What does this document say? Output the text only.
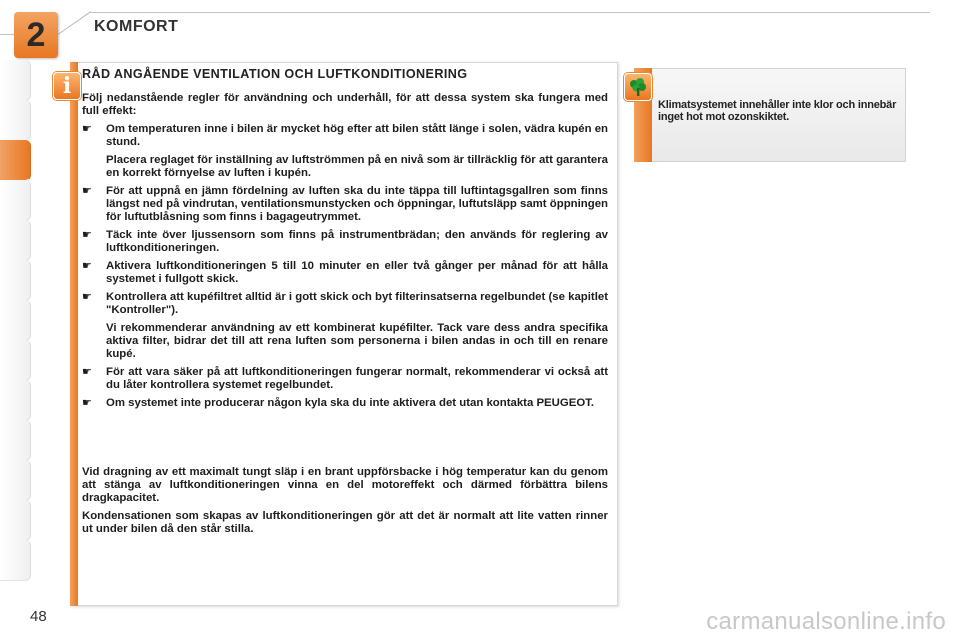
2	KOMFORT
i RÅD ANGÅENDE VENTILATION OCH LUFTKONDITIONERING

Följ nedanstående regler för användning och underhåll, för att dessa system ska fungera med full effekt:

☛	Om temperaturen inne i bilen är mycket hög efter att bilen stått länge i solen, vädra kupén en stund.
Placera reglaget för inställning av luftströmmen på en nivå som är tillräcklig för att garantera en korrekt förnyelse av luften i kupén.
☛	För att uppnå en jämn fördelning av luften ska du inte täppa till luftintagsgallren som finns längst ned på vindrutan, ventilationsmunstycken och öppningar, luftutsläpp samt öppningen för luftutblåsning som finns i bagageutrymmet.
☛	Täck inte över ljussensorn som finns på instrumentbrädan; den används för reglering av luftkonditioneringen.
☛	Aktivera luftkonditioneringen 5 till 10 minuter en eller två gånger per månad för att hålla systemet i fullgott skick.
☛	Kontrollera att kupéfiltret alltid är i gott skick och byt filterinsatserna regelbundet (se kapitlet "Kontroller").
Vi rekommenderar användning av ett kombinerat kupéfilter. Tack vare dess andra specifika aktiva filter, bidrar det till att rena luften som personerna i bilen andas in och till en renare kupé.
☛	För att vara säker på att luftkonditioneringen fungerar normalt, rekommenderar vi också att du låter kontrollera systemet regelbundet.
☛	Om systemet inte producerar någon kyla ska du inte aktivera det utan kontakta PEUGEOT.

Vid dragning av ett maximalt tungt släp i en brant uppförsbacke i hög temperatur kan du genom att stänga av luftkonditioneringen vinna en del motoreffekt och därmed förbättra bilens dragkapacitet.

Kondensationen som skapas av luftkonditioneringen gör att det är normalt att lite vatten rinner ut under bilen då den står stilla.

Klimatsystemet innehåller inte klor och innebär inget hot mot ozonskiktet.
48	carmanualsonline.info
